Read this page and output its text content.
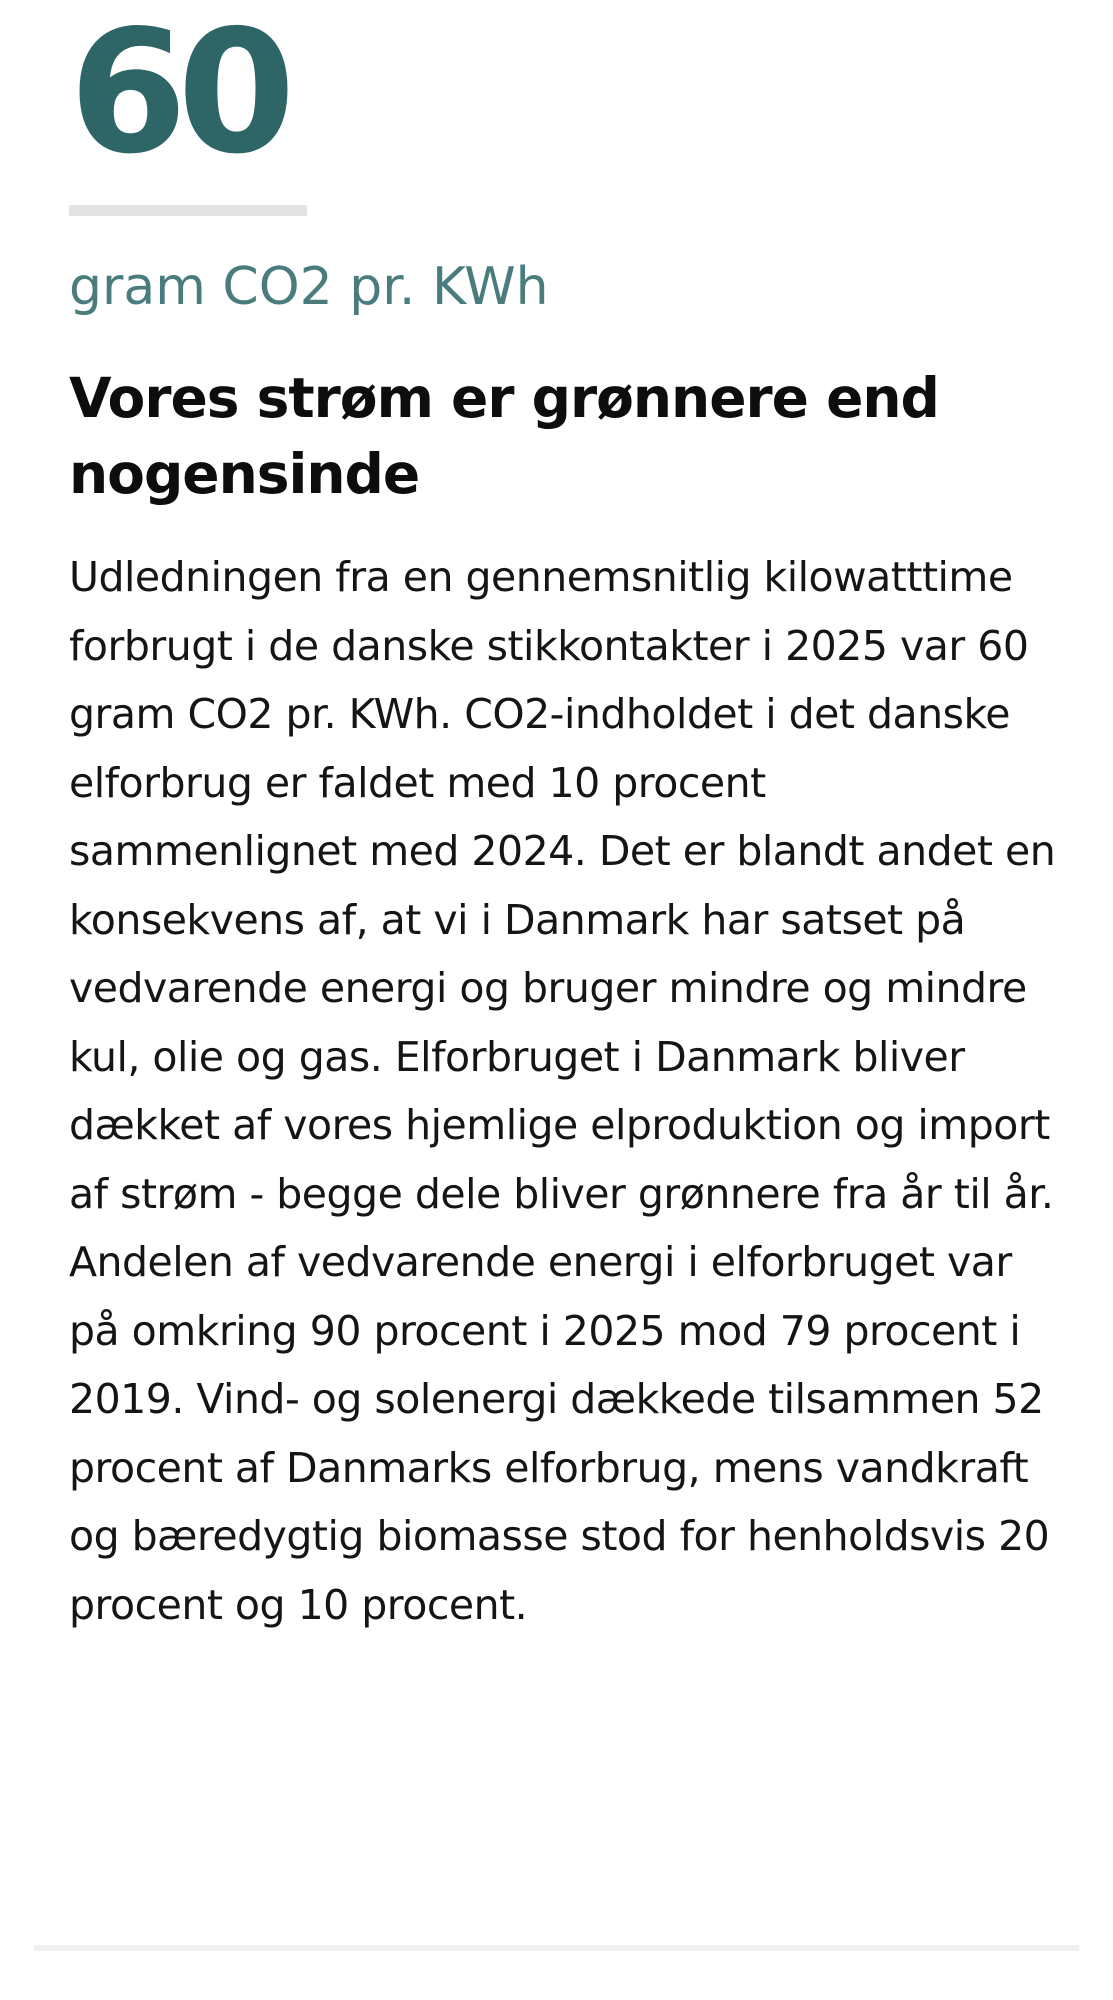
60
gram CO2 pr. KWh
Vores strøm er grønnere end nogensinde

Udledningen fra en gennemsnitlig kilowatttime forbrugt i de danske stikkontakter i 2025 var 60 gram CO2 pr. KWh. CO2-indholdet i det danske elforbrug er faldet med 10 procent sammenlignet med 2024. Det er blandt andet en konsekvens af, at vi i Danmark har satset på vedvarende energi og bruger mindre og mindre kul, olie og gas. Elforbruget i Danmark bliver dækket af vores hjemlige elproduktion og import af strøm - begge dele bliver grønnere fra år til år. Andelen af vedvarende energi i elforbruget var på omkring 90 procent i 2025 mod 79 procent i 2019. Vind- og solenergi dækkede tilsammen 52 procent af Danmarks elforbrug, mens vandkraft og bæredygtig biomasse stod for henholdsvis 20 procent og 10 procent.
